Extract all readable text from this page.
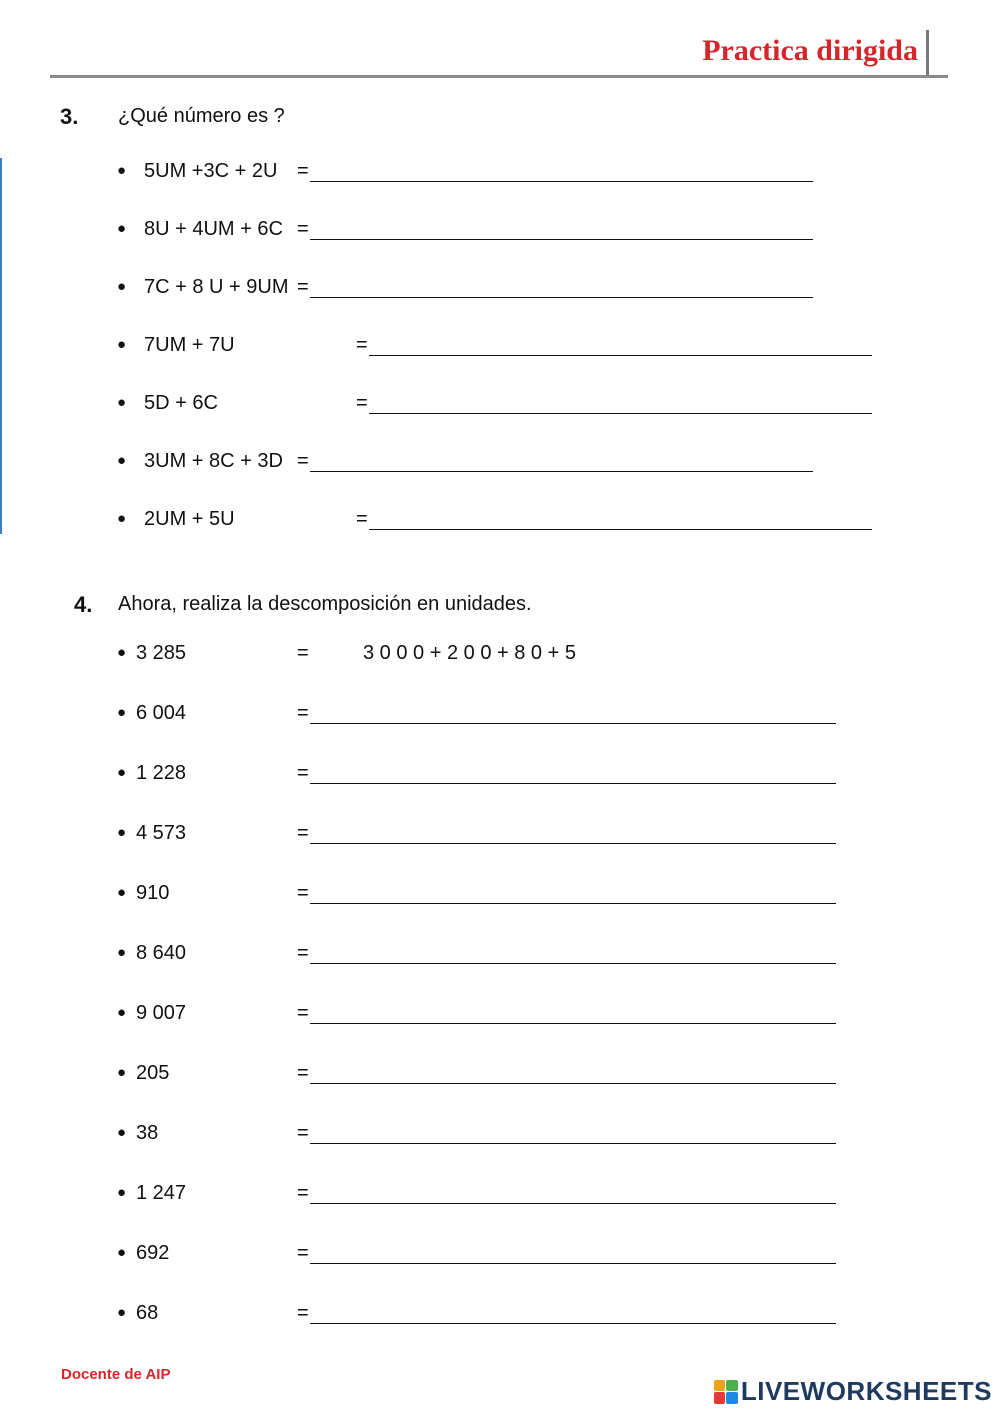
Practica dirigida
3. ¿Qué número es ?
● 5UM +3C + 2U =
● 8U + 4UM + 6C =
● 7C + 8 U + 9UM =
● 7UM + 7U	=
● 5D + 6C	=
● 3UM + 8C + 3D =
● 2UM + 5U	=
4. Ahora, realiza la descomposición en unidades.
● 3 285	=	3 0 0 0 + 2 0 0 + 8 0 + 5
● 6 004	=
● 1 228	=
● 4 573	=
● 910	=
● 8 640	=
● 9 007	=
● 205	=
● 38	=
● 1 247	=
● 692	=
● 68	=
Docente de AIP
LIVEWORKSHEETS
